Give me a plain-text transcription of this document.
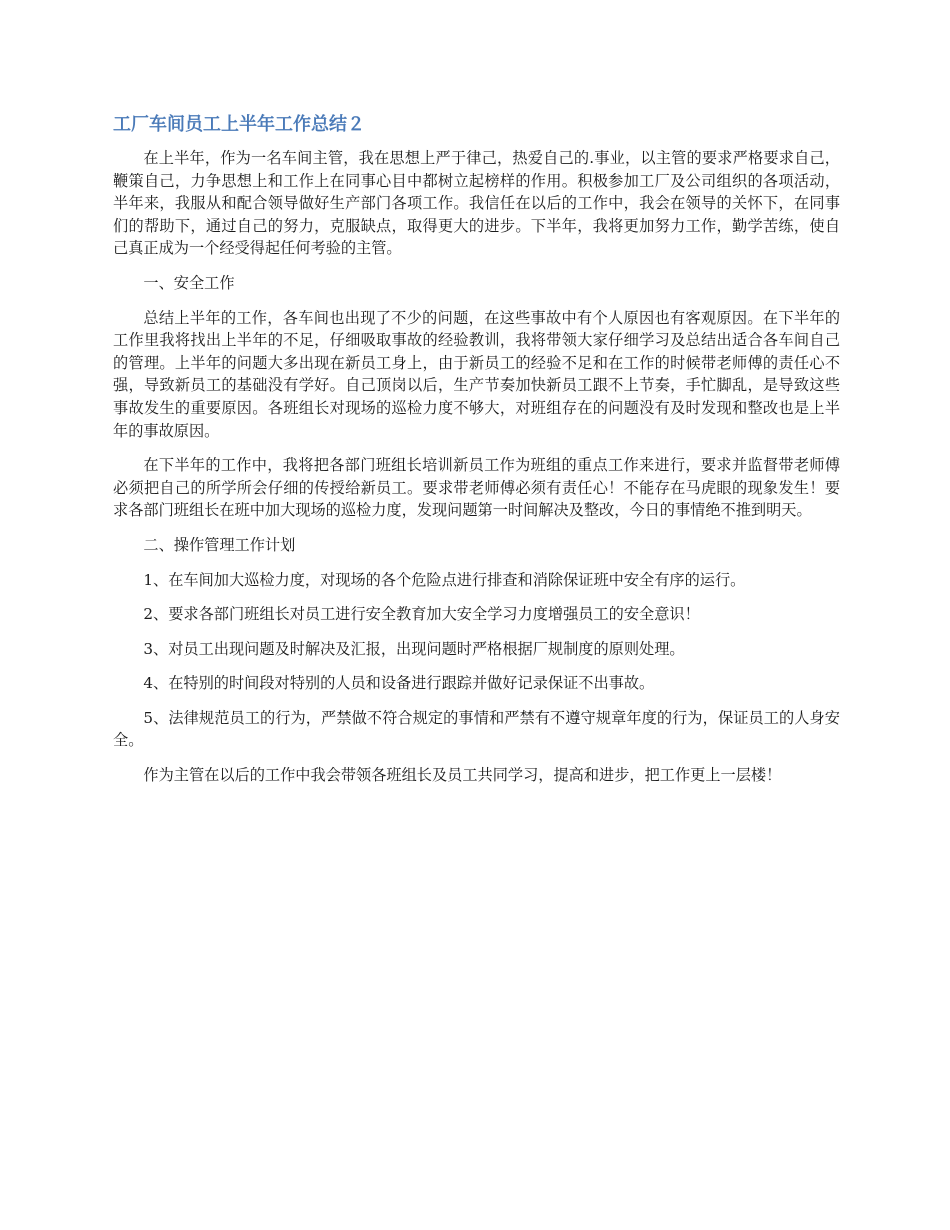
工厂车间员工上半年工作总结２

在上半年，作为一名车间主管，我在思想上严于律己，热爱自己的.事业，以主管的要求严格要求自己，鞭策自己，力争思想上和工作上在同事心目中都树立起榜样的作用。积极参加工厂及公司组织的各项活动，半年来，我服从和配合领导做好生产部门各项工作。我信任在以后的工作中，我会在领导的关怀下，在同事们的帮助下，通过自己的努力，克服缺点，取得更大的进步。下半年，我将更加努力工作，勤学苦练，使自己真正成为一个经受得起任何考验的主管。

一、安全工作

总结上半年的工作，各车间也出现了不少的问题，在这些事故中有个人原因也有客观原因。在下半年的工作里我将找出上半年的不足，仔细吸取事故的经验教训，我将带领大家仔细学习及总结出适合各车间自己的管理。上半年的问题大多出现在新员工身上，由于新员工的经验不足和在工作的时候带老师傅的责任心不强，导致新员工的基础没有学好。自己顶岗以后，生产节奏加快新员工跟不上节奏，手忙脚乱，是导致这些事故发生的重要原因。各班组长对现场的巡检力度不够大，对班组存在的问题没有及时发现和整改也是上半年的事故原因。

在下半年的工作中，我将把各部门班组长培训新员工作为班组的重点工作来进行，要求并监督带老师傅必须把自己的所学所会仔细的传授给新员工。要求带老师傅必须有责任心！不能存在马虎眼的现象发生！要求各部门班组长在班中加大现场的巡检力度，发现问题第一时间解决及整改，今日的事情绝不推到明天。

二、操作管理工作计划

1、在车间加大巡检力度，对现场的各个危险点进行排查和消除保证班中安全有序的运行。

2、要求各部门班组长对员工进行安全教育加大安全学习力度增强员工的安全意识！

3、对员工出现问题及时解决及汇报，出现问题时严格根据厂规制度的原则处理。

4、在特别的时间段对特别的人员和设备进行跟踪并做好记录保证不出事故。

5、法律规范员工的行为，严禁做不符合规定的事情和严禁有不遵守规章年度的行为，保证员工的人身安全。

作为主管在以后的工作中我会带领各班组长及员工共同学习，提高和进步，把工作更上一层楼！
